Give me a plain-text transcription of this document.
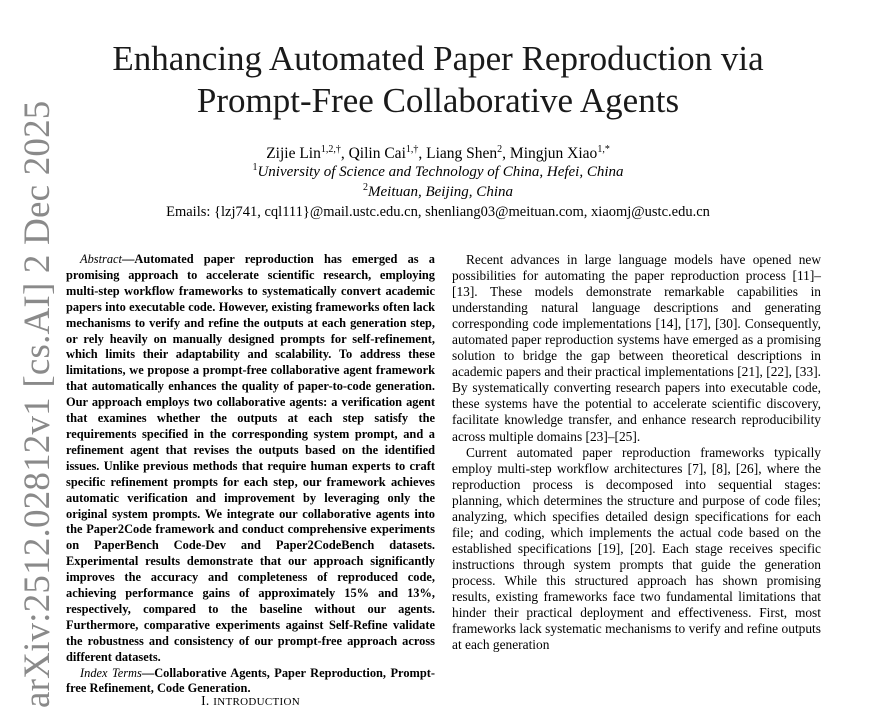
arXiv:2512.02812v1 [cs.AI] 2 Dec 2025
Enhancing Automated Paper Reproduction via
Prompt-Free Collaborative Agents
Zijie Lin$^{1,2,\dagger}$, Qilin Cai$^{1,\dagger}$, Liang Shen$^2$, Mingjun Xiao$^{1,*}$
$^1$University of Science and Technology of China, Hefei, China
$^2$Meituan, Beijing, China
Emails: {lzj741, cql111}@mail.ustc.edu.cn, shenliang03@meituan.com, xiaomj@ustc.edu.cn

Abstract—Automated paper reproduction has emerged as a promising approach to accelerate scientific research, employing multi-step workflow frameworks to systematically convert academic papers into executable code. However, existing frameworks often lack mechanisms to verify and refine the outputs at each generation step, or rely heavily on manually designed prompts for self-refinement, which limits their adaptability and scalability. To address these limitations, we propose a prompt-free collaborative agent framework that automatically enhances the quality of paper-to-code generation. Our approach employs two collaborative agents: a verification agent that examines whether the outputs at each step satisfy the requirements specified in the corresponding system prompt, and a refinement agent that revises the outputs based on the identified issues. Unlike previous methods that require human experts to craft specific refinement prompts for each step, our framework achieves automatic verification and improvement by leveraging only the original system prompts. We integrate our collaborative agents into the Paper2Code framework and conduct comprehensive experiments on PaperBench Code-Dev and Paper2CodeBench datasets. Experimental results demonstrate that our approach significantly improves the accuracy and completeness of reproduced code, achieving performance gains of approximately 15% and 13%, respectively, compared to the baseline without our agents. Furthermore, comparative experiments against Self-Refine validate the robustness and consistency of our prompt-free approach across different datasets.

Index Terms—Collaborative Agents, Paper Reproduction, Prompt-free Refinement, Code Generation.

I. INTRODUCTION

Recent advances in large language models have opened new possibilities for automating the paper reproduction process [11]–[13]. These models demonstrate remarkable capabilities in understanding natural language descriptions and generating corresponding code implementations [14], [17], [30]. Consequently, automated paper reproduction systems have emerged as a promising solution to bridge the gap between theoretical descriptions in academic papers and their practical implementations [21], [22], [33]. By systematically converting research papers into executable code, these systems have the potential to accelerate scientific discovery, facilitate knowledge transfer, and enhance research reproducibility across multiple domains [23]–[25].

Current automated paper reproduction frameworks typically employ multi-step workflow architectures [7], [8], [26], where the reproduction process is decomposed into sequential stages: planning, which determines the structure and purpose of code files; analyzing, which specifies detailed design specifications for each file; and coding, which implements the actual code based on the established specifications [19], [20]. Each stage receives specific instructions through system prompts that guide the generation process. While this structured approach has shown promising results, existing frameworks face two fundamental limitations that hinder their practical deployment and effectiveness. First, most frameworks lack systematic mechanisms to verify and refine outputs at each generation
